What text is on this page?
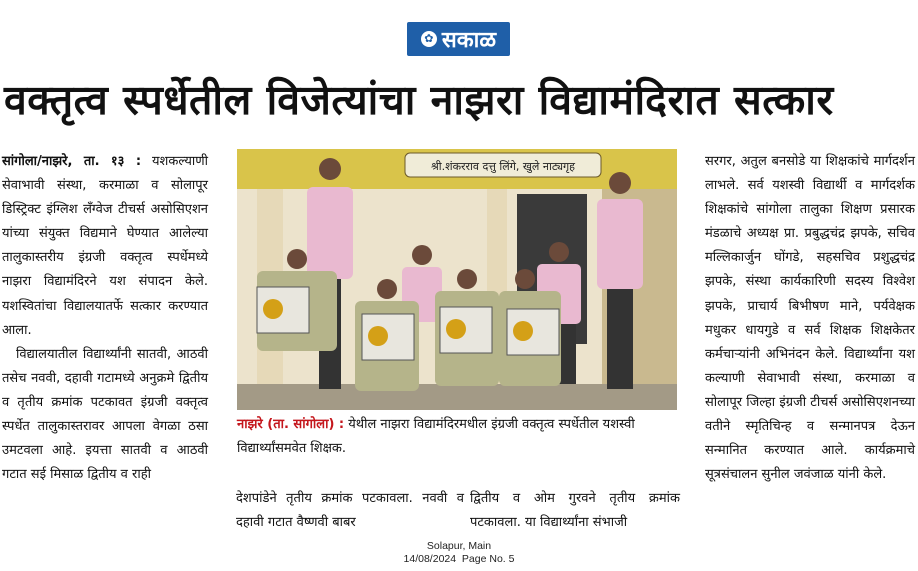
✿ सकाळ
वक्तृत्व स्पर्धेतील विजेत्यांचा नाझरा विद्यामंदिरात सत्कार

सांगोला/नाझरे, ता. १३ : यशकल्याणी सेवाभावी संस्था, करमाळा व सोलापूर डिस्ट्रिक्ट इंग्लिश लँग्वेज टीचर्स असोसिएशन यांच्या संयुक्त विद्यमाने घेण्यात आलेल्या तालुकास्तरीय इंग्रजी वक्तृत्व स्पर्धेमध्ये नाझरा विद्यामंदिरने यश संपादन केले. यशस्वितांचा विद्यालयातर्फे सत्कार करण्यात आला.

विद्यालयातील विद्यार्थ्यांनी सातवी, आठवी तसेच नववी, दहावी गटामध्ये अनुक्रमे द्वितीय व तृतीय क्रमांक पटकावत इंग्रजी वक्तृत्व स्पर्धेत तालुकास्तरावर आपला वेगळा ठसा उमटवला आहे. इयत्ता सातवी व आठवी गटात सई मिसाळ द्वितीय व राही

श्री.शंकरराव दत्तु लिंगे, खुले नाट्यगृह
नाझरे (ता. सांगोला) : येथील नाझरा विद्यामंदिरमधील इंग्रजी वक्तृत्व स्पर्धेतील यशस्वी विद्यार्थ्यांसमवेत शिक्षक.
देशपांडेने तृतीय क्रमांक पटकावला. नववी व दहावी गटात वैष्णवी बाबर
द्वितीय व ओम गुरवने तृतीय क्रमांक पटकावला. या विद्यार्थ्यांना संभाजी
सरगर, अतुल बनसोडे या शिक्षकांचे मार्गदर्शन लाभले. सर्व यशस्वी विद्यार्थी व मार्गदर्शक शिक्षकांचे सांगोला तालुका शिक्षण प्रसारक मंडळाचे अध्यक्ष प्रा. प्रबुद्धचंद्र झपके, सचिव मल्लिकार्जुन घोंगडे, सहसचिव प्रशुद्धचंद्र झपके, संस्था कार्यकारिणी सदस्य विश्वेश झपके, प्राचार्य बिभीषण माने, पर्यवेक्षक मधुकर धायगुडे व सर्व शिक्षक शिक्षकेतर कर्मचाऱ्यांनी अभिनंदन केले. विद्यार्थ्यांना यश कल्याणी सेवाभावी संस्था, करमाळा व सोलापूर जिल्हा इंग्रजी टीचर्स असोसिएशनच्या वतीने स्मृतिचिन्ह व सन्मानपत्र देऊन सन्मानित करण्यात आले. कार्यक्रमाचे सूत्रसंचालन सुनील जवंजाळ यांनी केले.
Solapur, Main
14/08/2024  Page No. 5
